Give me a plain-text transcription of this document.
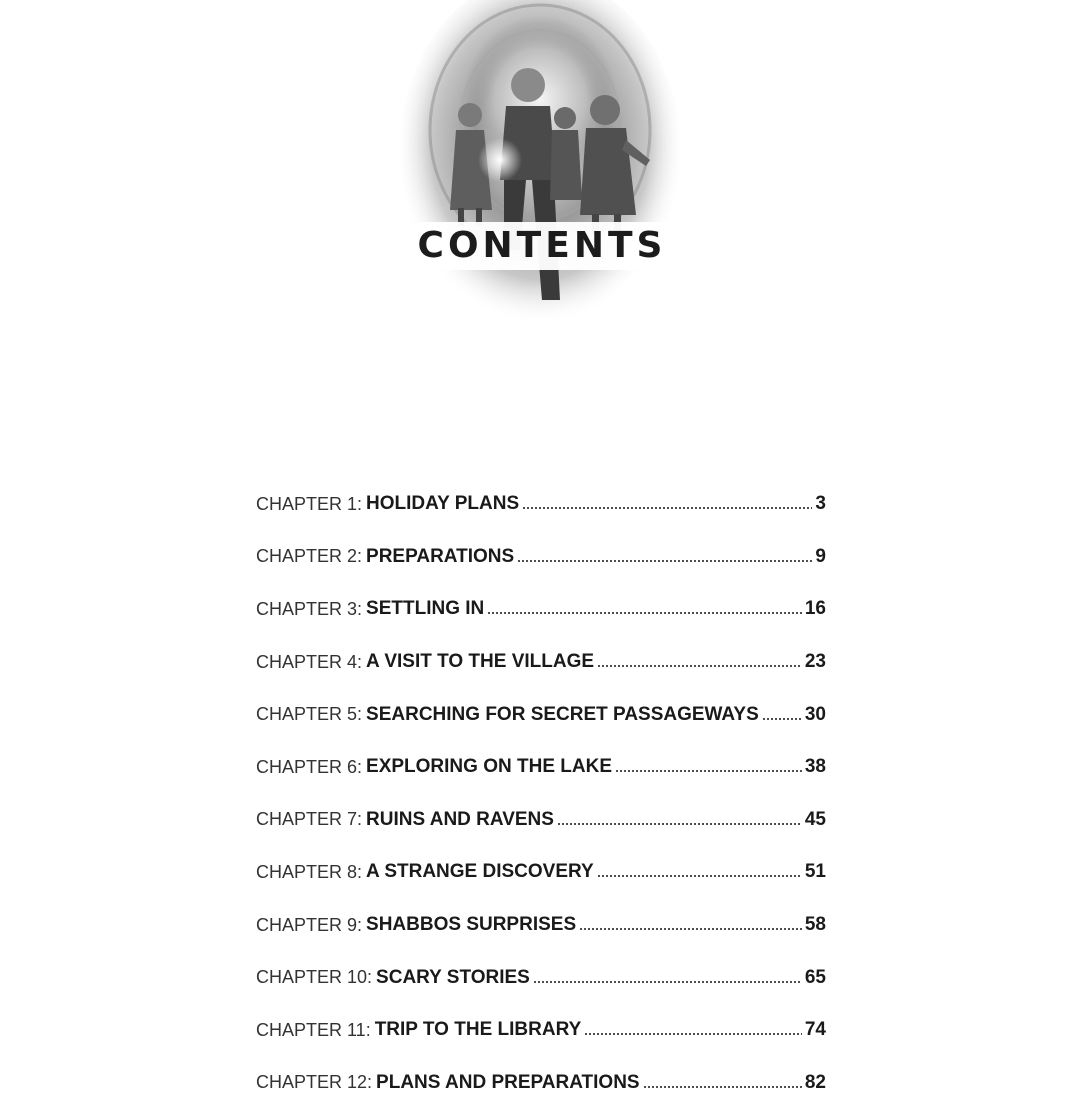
CONTENTS
CHAPTER 1: HOLIDAY PLANS	3
CHAPTER 2: PREPARATIONS	9
CHAPTER 3: SETTLING IN	16
CHAPTER 4: A VISIT TO THE VILLAGE	23
CHAPTER 5: SEARCHING FOR SECRET PASSAGEWAYS 30
CHAPTER 6: EXPLORING ON THE LAKE	38
CHAPTER 7: RUINS AND RAVENS	45
CHAPTER 8: A STRANGE DISCOVERY	51
CHAPTER 9: SHABBOS SURPRISES	58
CHAPTER 10: SCARY STORIES	65
CHAPTER 11: TRIP TO THE LIBRARY	74
CHAPTER 12: PLANS AND PREPARATIONS	82
